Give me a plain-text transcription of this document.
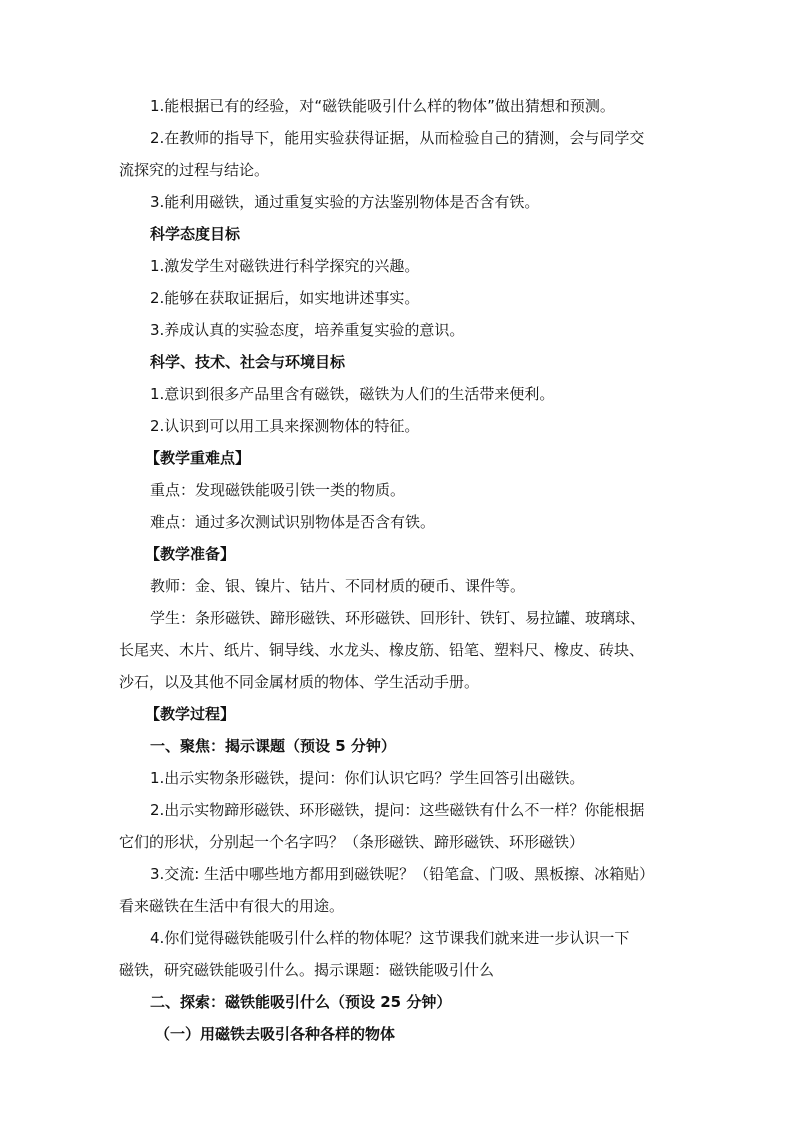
1.能根据已有的经验，对“磁铁能吸引什么样的物体”做出猜想和预测。
2.在教师的指导下，能用实验获得证据，从而检验自己的猜测，会与同学交
流探究的过程与结论。
3.能利用磁铁，通过重复实验的方法鉴别物体是否含有铁。
科学态度目标
1.激发学生对磁铁进行科学探究的兴趣。
2.能够在获取证据后，如实地讲述事实。
3.养成认真的实验态度，培养重复实验的意识。
科学、技术、社会与环境目标
1.意识到很多产品里含有磁铁，磁铁为人们的生活带来便利。
2.认识到可以用工具来探测物体的特征。
【教学重难点】
重点：发现磁铁能吸引铁一类的物质。
难点：通过多次测试识别物体是否含有铁。
【教学准备】
教师：金、银、镍片、钴片、不同材质的硬币、课件等。
学生：条形磁铁、蹄形磁铁、环形磁铁、回形针、铁钉、易拉罐、玻璃球、
长尾夹、木片、纸片、铜导线、水龙头、橡皮筋、铅笔、塑料尺、橡皮、砖块、
沙石，以及其他不同金属材质的物体、学生活动手册。
【教学过程】
一、聚焦：揭示课题（预设 5 分钟）
1.出示实物条形磁铁，提问：你们认识它吗？学生回答引出磁铁。
2.出示实物蹄形磁铁、环形磁铁，提问：这些磁铁有什么不一样？你能根据
它们的形状，分别起一个名字吗？（条形磁铁、蹄形磁铁、环形磁铁）
3.交流: 生活中哪些地方都用到磁铁呢？（铅笔盒、门吸、黑板擦、冰箱贴）
看来磁铁在生活中有很大的用途。
4.你们觉得磁铁能吸引什么样的物体呢？这节课我们就来进一步认识一下
磁铁，研究磁铁能吸引什么。揭示课题：磁铁能吸引什么
二、探索：磁铁能吸引什么（预设 25 分钟）
（一）用磁铁去吸引各种各样的物体
